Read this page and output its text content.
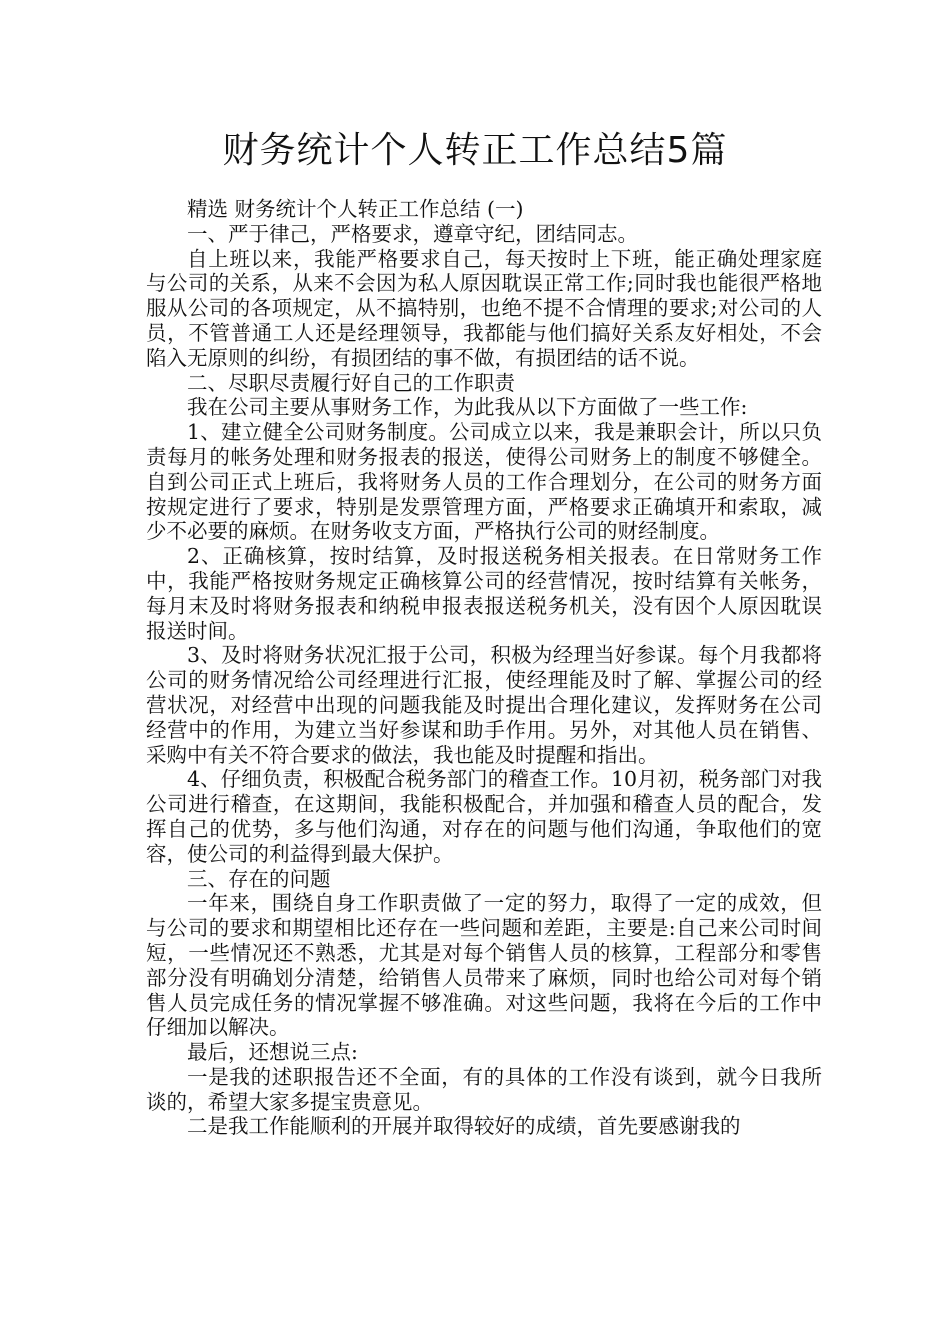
财务统计个人转正工作总结5篇

精选 财务统计个人转正工作总结 (一)

一、严于律己，严格要求，遵章守纪，团结同志。

自上班以来，我能严格要求自己，每天按时上下班，能正确处理家庭与公司的关系，从来不会因为私人原因耽误正常工作;同时我也能很严格地服从公司的各项规定，从不搞特别，也绝不提不合情理的要求;对公司的人员，不管普通工人还是经理领导，我都能与他们搞好关系友好相处，不会陷入无原则的纠纷，有损团结的事不做，有损团结的话不说。

二、尽职尽责履行好自己的工作职责

我在公司主要从事财务工作，为此我从以下方面做了一些工作:

1、建立健全公司财务制度。公司成立以来，我是兼职会计，所以只负责每月的帐务处理和财务报表的报送，使得公司财务上的制度不够健全。自到公司正式上班后，我将财务人员的工作合理划分，在公司的财务方面按规定进行了要求，特别是发票管理方面，严格要求正确填开和索取，减少不必要的麻烦。在财务收支方面，严格执行公司的财经制度。

2、正确核算，按时结算，及时报送税务相关报表。在日常财务工作中，我能严格按财务规定正确核算公司的经营情况，按时结算有关帐务，每月末及时将财务报表和纳税申报表报送税务机关，没有因个人原因耽误报送时间。

3、及时将财务状况汇报于公司，积极为经理当好参谋。每个月我都将公司的财务情况给公司经理进行汇报，使经理能及时了解、掌握公司的经营状况，对经营中出现的问题我能及时提出合理化建议，发挥财务在公司经营中的作用，为建立当好参谋和助手作用。另外，对其他人员在销售、采购中有关不符合要求的做法，我也能及时提醒和指出。

4、仔细负责，积极配合税务部门的稽查工作。10月初，税务部门对我公司进行稽查，在这期间，我能积极配合，并加强和稽查人员的配合，发挥自己的优势，多与他们沟通，对存在的问题与他们沟通，争取他们的宽容，使公司的利益得到最大保护。

三、存在的问题

一年来，围绕自身工作职责做了一定的努力，取得了一定的成效，但与公司的要求和期望相比还存在一些问题和差距，主要是:自己来公司时间短，一些情况还不熟悉，尤其是对每个销售人员的核算，工程部分和零售部分没有明确划分清楚，给销售人员带来了麻烦，同时也给公司对每个销售人员完成任务的情况掌握不够准确。对这些问题，我将在今后的工作中仔细加以解决。

最后，还想说三点:

一是我的述职报告还不全面，有的具体的工作没有谈到，就今日我所谈的，希望大家多提宝贵意见。

二是我工作能顺利的开展并取得较好的成绩，首先要感谢我的
